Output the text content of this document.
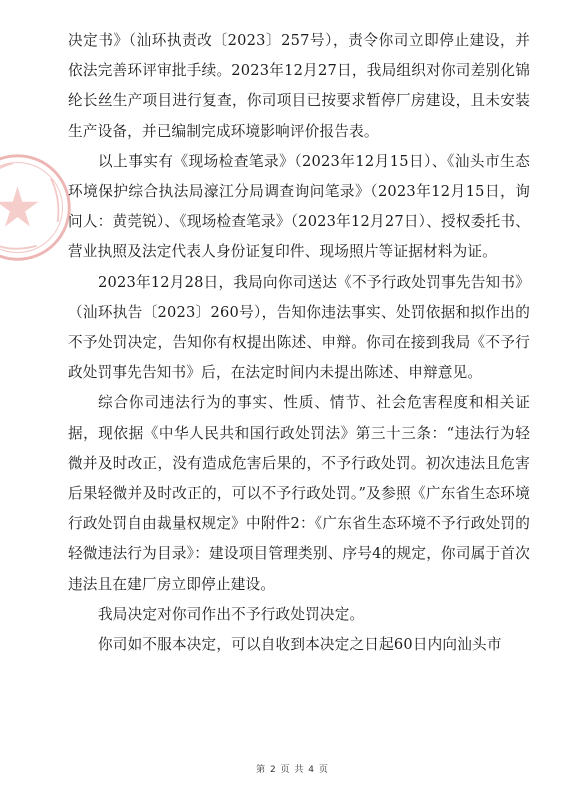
决定书》（汕环执责改〔2023〕257号），责令你司立即停止建设，并依法完善环评审批手续。2023年12月27日，我局组织对你司差别化锦纶长丝生产项目进行复查，你司项目已按要求暂停厂房建设，且未安装生产设备，并已编制完成环境影响评价报告表。

以上事实有《现场检查笔录》（2023年12月15日）、《汕头市生态环境保护综合执法局濠江分局调查询问笔录》（2023年12月15日，询问人：黄莞锐）、《现场检查笔录》（2023年12月27日）、授权委托书、营业执照及法定代表人身份证复印件、现场照片等证据材料为证。

2023年12月28日，我局向你司送达《不予行政处罚事先告知书》（汕环执告〔2023〕260号），告知你违法事实、处罚依据和拟作出的不予处罚决定，告知你有权提出陈述、申辩。你司在接到我局《不予行政处罚事先告知书》后，在法定时间内未提出陈述、申辩意见。

综合你司违法行为的事实、性质、情节、社会危害程度和相关证据，现依据《中华人民共和国行政处罚法》第三十三条：“违法行为轻微并及时改正，没有造成危害后果的，不予行政处罚。初次违法且危害后果轻微并及时改正的，可以不予行政处罚。”及参照《广东省生态环境行政处罚自由裁量权规定》中附件2：《广东省生态环境不予行政处罚的轻微违法行为目录》：建设项目管理类别、序号4的规定，你司属于首次违法且在建厂房立即停止建设。

我局决定对你司作出不予行政处罚决定。

你司如不服本决定，可以自收到本决定之日起60日内向汕头市

第 2 页 共 4 页
